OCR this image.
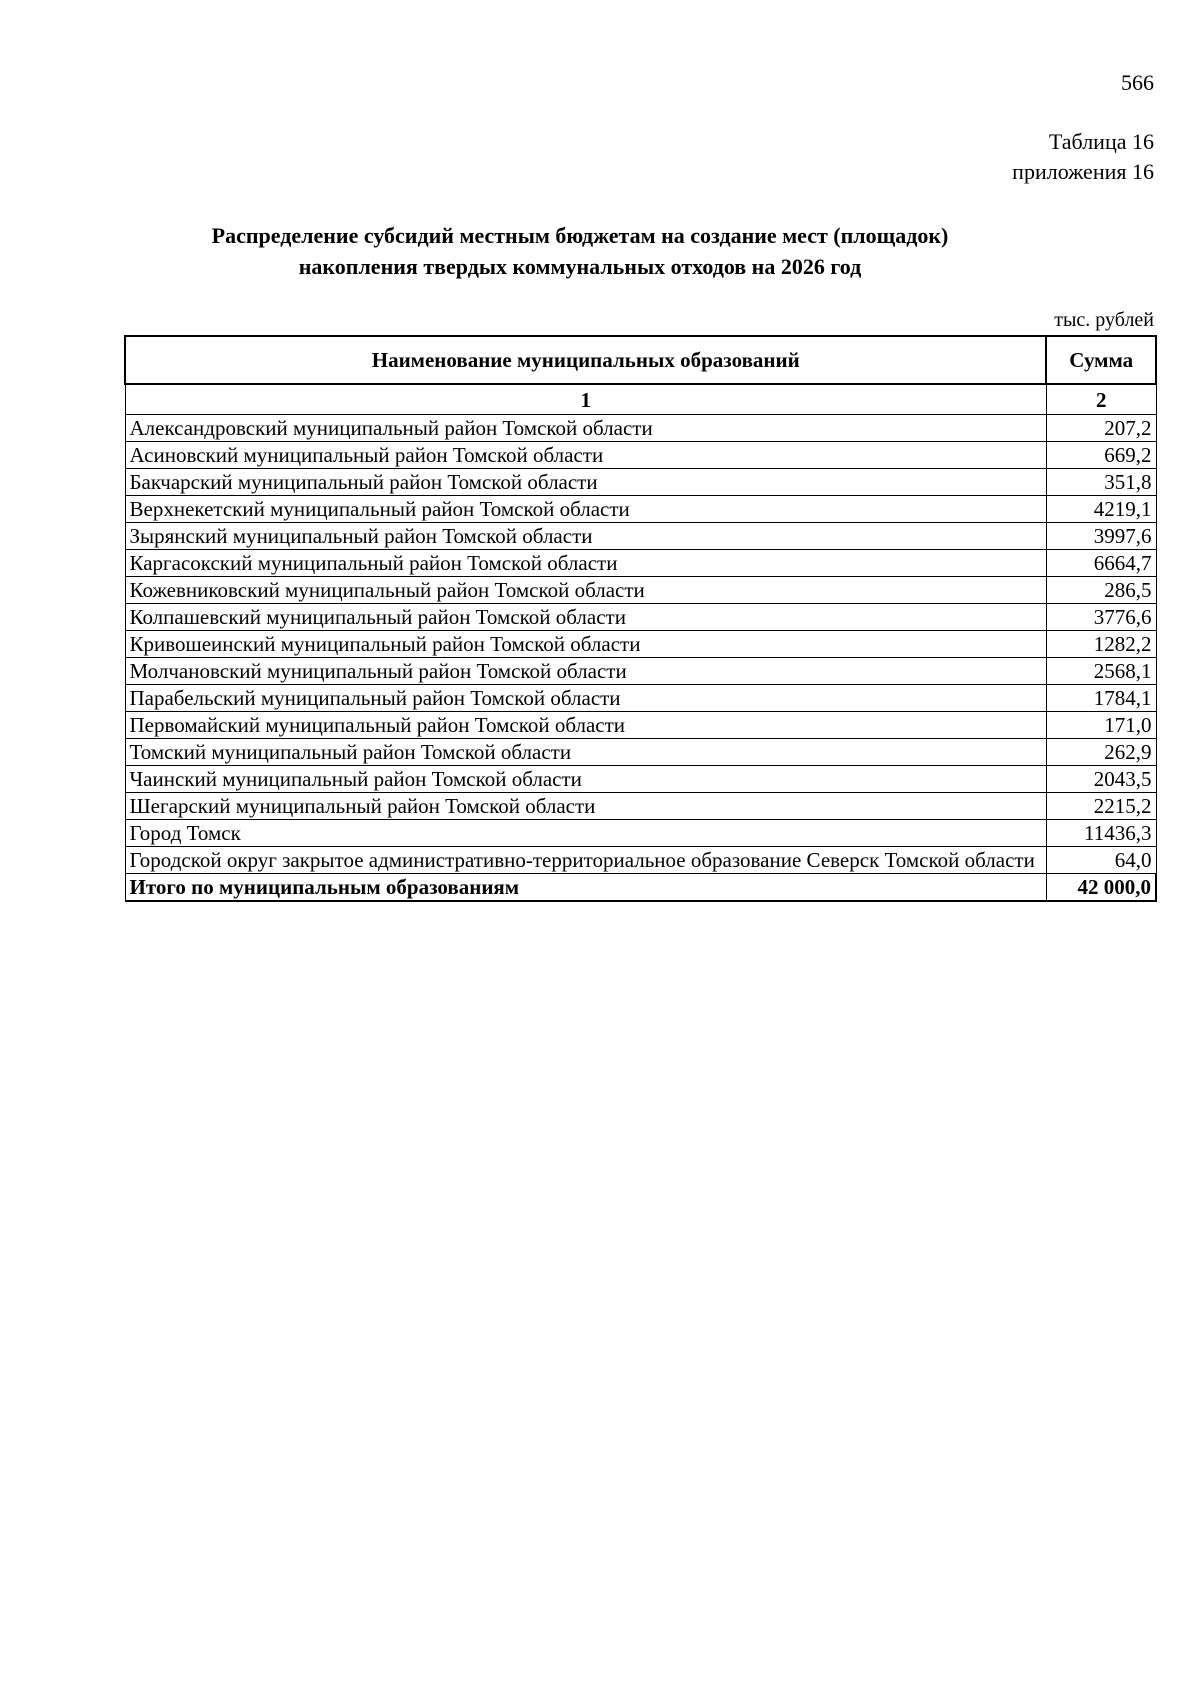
566
Таблица 16
приложения 16
Распределение субсидий местным бюджетам на создание мест (площадок)
накопления твердых коммунальных отходов на 2026 год
тыс. рублей
Наименование муниципальных образований	Сумма
1	2
Александровский муниципальный район Томской области	207,2
Асиновский муниципальный район Томской области	669,2
Бакчарский муниципальный район Томской области	351,8
Верхнекетский муниципальный район Томской области	4219,1
Зырянский муниципальный район Томской области	3997,6
Каргасокский муниципальный район Томской области	6664,7
Кожевниковский муниципальный район Томской области	286,5
Колпашевский муниципальный район Томской области	3776,6
Кривошеинский муниципальный район Томской области	1282,2
Молчановский муниципальный район Томской области	2568,1
Парабельский муниципальный район Томской области	1784,1
Первомайский муниципальный район Томской области	171,0
Томский муниципальный район Томской области	262,9
Чаинский муниципальный район Томской области	2043,5
Шегарский муниципальный район Томской области	2215,2
Город Томск	11436,3
Городской округ закрытое административно-территориальное образование Северск Томской области	64,0
Итого по муниципальным образованиям	42 000,0
